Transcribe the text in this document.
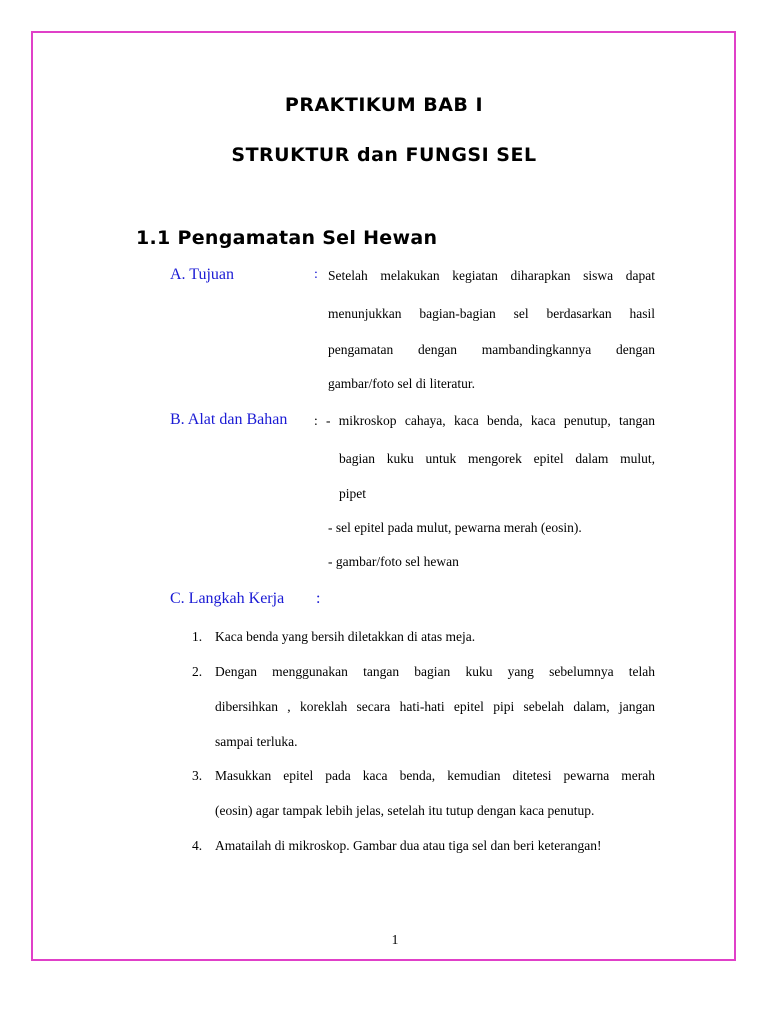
PRAKTIKUM BAB I
STRUKTUR dan FUNGSI SEL
1.1 Pengamatan Sel Hewan
A. Tujuan	: Setelah melakukan kegiatan diharapkan siswa dapat
menunjukkan bagian-bagian sel berdasarkan hasil
pengamatan dengan mambandingkannya dengan
gambar/foto sel di literatur.
B. Alat dan Bahan : - mikroskop cahaya, kaca benda, kaca penutup, tangan
bagian kuku untuk mengorek epitel dalam mulut,
pipet
- sel epitel pada mulut, pewarna merah (eosin).
- gambar/foto sel hewan
C. Langkah Kerja :
1. Kaca benda yang bersih diletakkan di atas meja.
2. Dengan menggunakan tangan bagian kuku yang sebelumnya telah
dibersihkan , koreklah secara hati-hati epitel pipi sebelah dalam, jangan
sampai terluka.
3. Masukkan epitel pada kaca benda, kemudian ditetesi pewarna merah
(eosin) agar tampak lebih jelas, setelah itu tutup dengan kaca penutup.
4. Amatailah di mikroskop. Gambar dua atau tiga sel dan beri keterangan!
1
